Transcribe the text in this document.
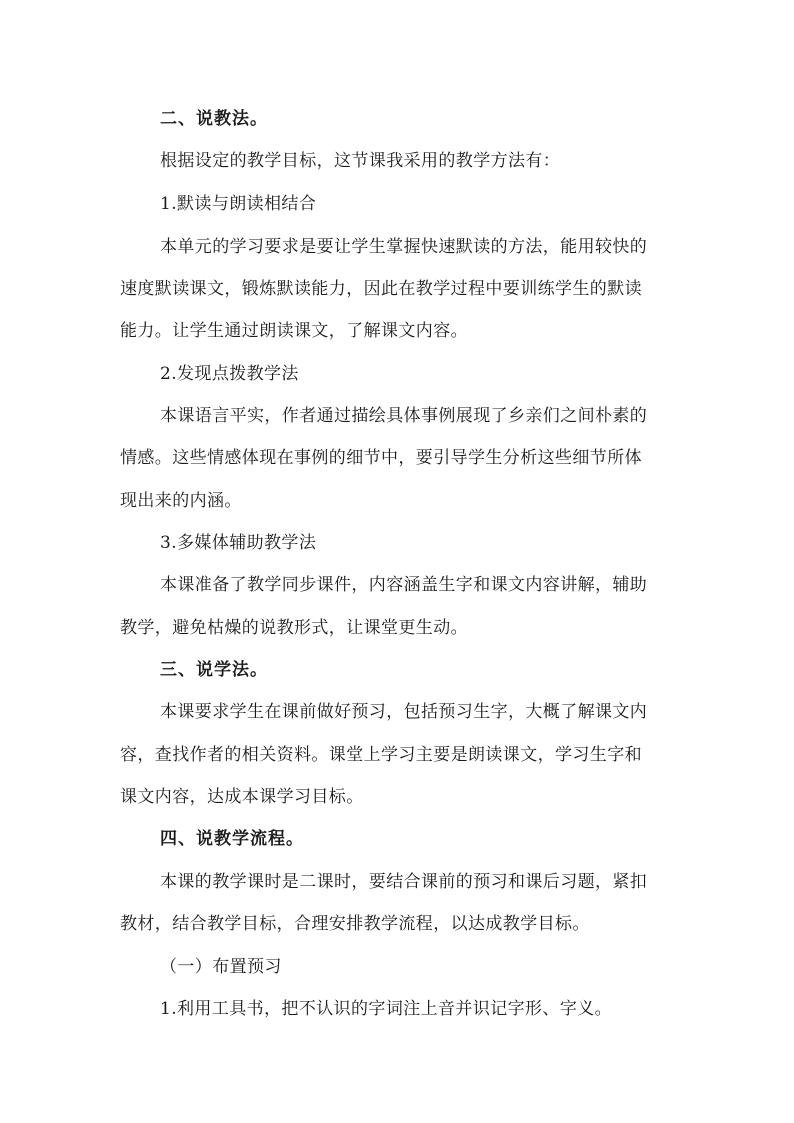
二、说教法。
根据设定的教学目标，这节课我采用的教学方法有：
1.默读与朗读相结合
本单元的学习要求是要让学生掌握快速默读的方法，能用较快的
速度默读课文，锻炼默读能力，因此在教学过程中要训练学生的默读
能力。让学生通过朗读课文，了解课文内容。
2.发现点拨教学法
本课语言平实，作者通过描绘具体事例展现了乡亲们之间朴素的
情感。这些情感体现在事例的细节中，要引导学生分析这些细节所体
现出来的内涵。
3.多媒体辅助教学法
本课准备了教学同步课件，内容涵盖生字和课文内容讲解，辅助
教学，避免枯燥的说教形式，让课堂更生动。
三、说学法。
本课要求学生在课前做好预习，包括预习生字，大概了解课文内
容，查找作者的相关资料。课堂上学习主要是朗读课文，学习生字和
课文内容，达成本课学习目标。
四、说教学流程。
本课的教学课时是二课时，要结合课前的预习和课后习题，紧扣
教材，结合教学目标，合理安排教学流程，以达成教学目标。
（一）布置预习
1.利用工具书，把不认识的字词注上音并识记字形、字义。
